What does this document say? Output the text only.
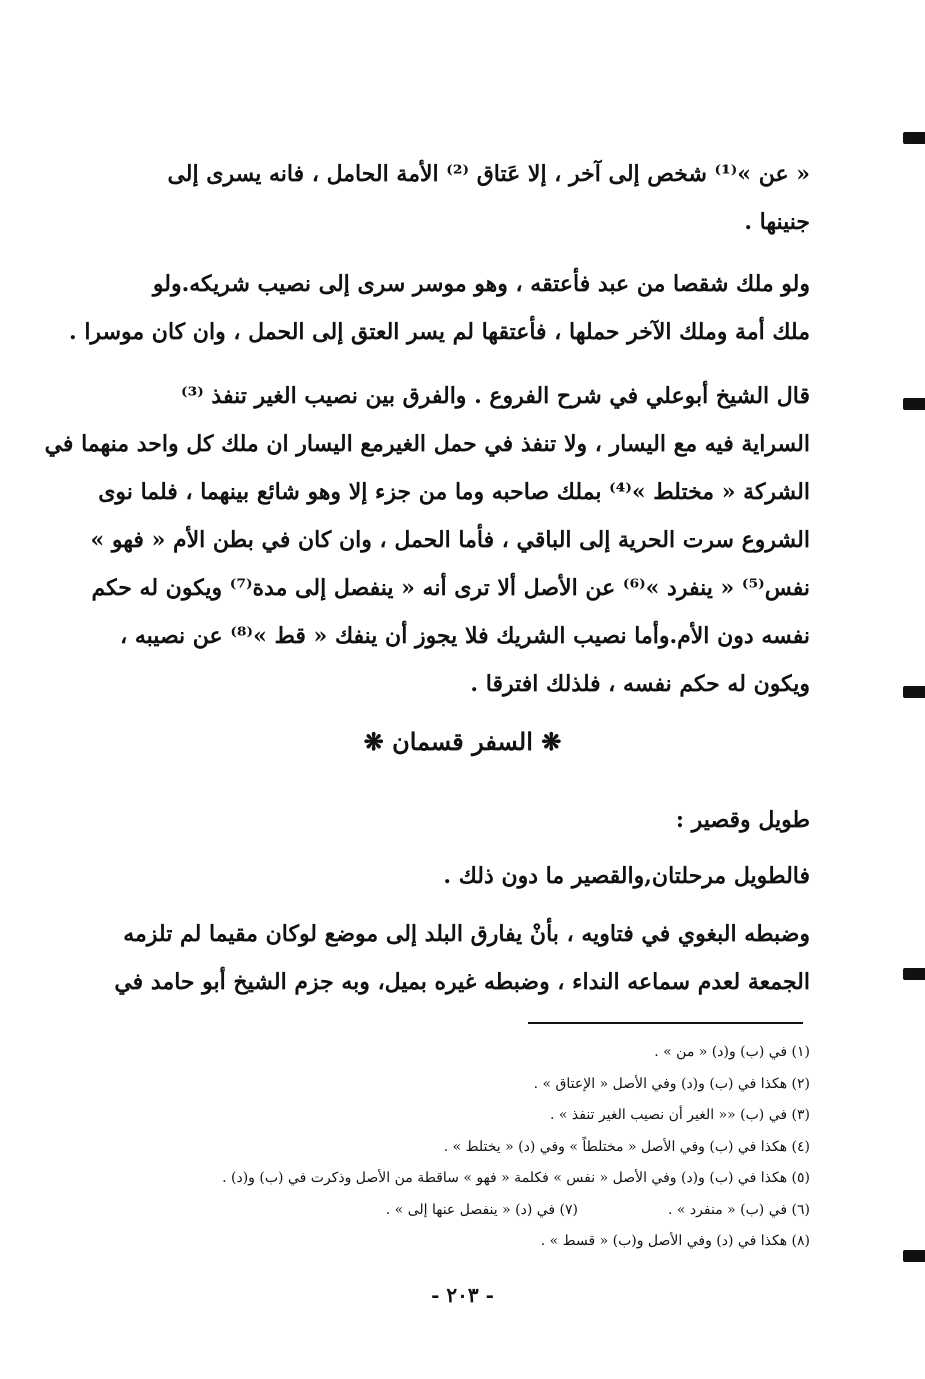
« عن »⁽¹⁾ شخص إلى آخر ، إلا عَتاق ⁽²⁾ الأمة الحامل ، فانه يسرى إلى
جنينها .
ولو ملك شقصا من عبد فأعتقه ، وهو موسر سرى إلى نصيب شريكه.ولو
ملك أمة وملك الآخر حملها ، فأعتقها لم يسر العتق إلى الحمل ، وان كان موسرا .
قال الشيخ أبوعلي في شرح الفروع . والفرق بين نصيب الغير تنفذ ⁽³⁾
السراية فيه مع اليسار ، ولا تنفذ في حمل الغيرمع اليسار ان ملك كل واحد منهما في
الشركة « مختلط »⁽⁴⁾ بملك صاحبه وما من جزء إلا وهو شائع بينهما ، فلما نوى
الشروع سرت الحرية إلى الباقي ، فأما الحمل ، وان كان في بطن الأم « فهو »
نفس⁽⁵⁾ « ينفرد »⁽⁶⁾ عن الأصل ألا ترى أنه « ينفصل إلى مدة⁽⁷⁾ ويكون له حكم
نفسه دون الأم.وأما نصيب الشريك فلا يجوز أن ينفك « قط »⁽⁸⁾ عن نصيبه ،
ويكون له حكم نفسه ، فلذلك افترقا .
❋ السفر قسمان ❋
طويل وقصير :
فالطويل مرحلتان,والقصير ما دون ذلك .
وضبطه البغوي في فتاويه ، بأنْ يفارق البلد إلى موضع لوكان مقيما لم تلزمه
الجمعة لعدم سماعه النداء ، وضبطه غيره بميل، وبه جزم الشيخ أبو حامد في
(١) في (ب) و(د) « من » .
(٢) هكذا في (ب) و(د) وفي الأصل « الإعتاق » .
(٣) في (ب) «« الغير أن نصيب الغير تنفذ » .
(٤) هكذا في (ب) وفي الأصل « مختلطاً » وفي (د) « يختلط » .
(٥) هكذا في (ب) و(د) وفي الأصل « نفس » فكلمة « فهو » ساقطة من الأصل وذكرت في (ب) و(د) .
(٦) في (ب) « منفرد » .
(٧) في (د) « ينفصل عنها إلى » .
(٨) هكذا في (د) وفي الأصل و(ب) « قسط » .
- ٢٠٣ -
